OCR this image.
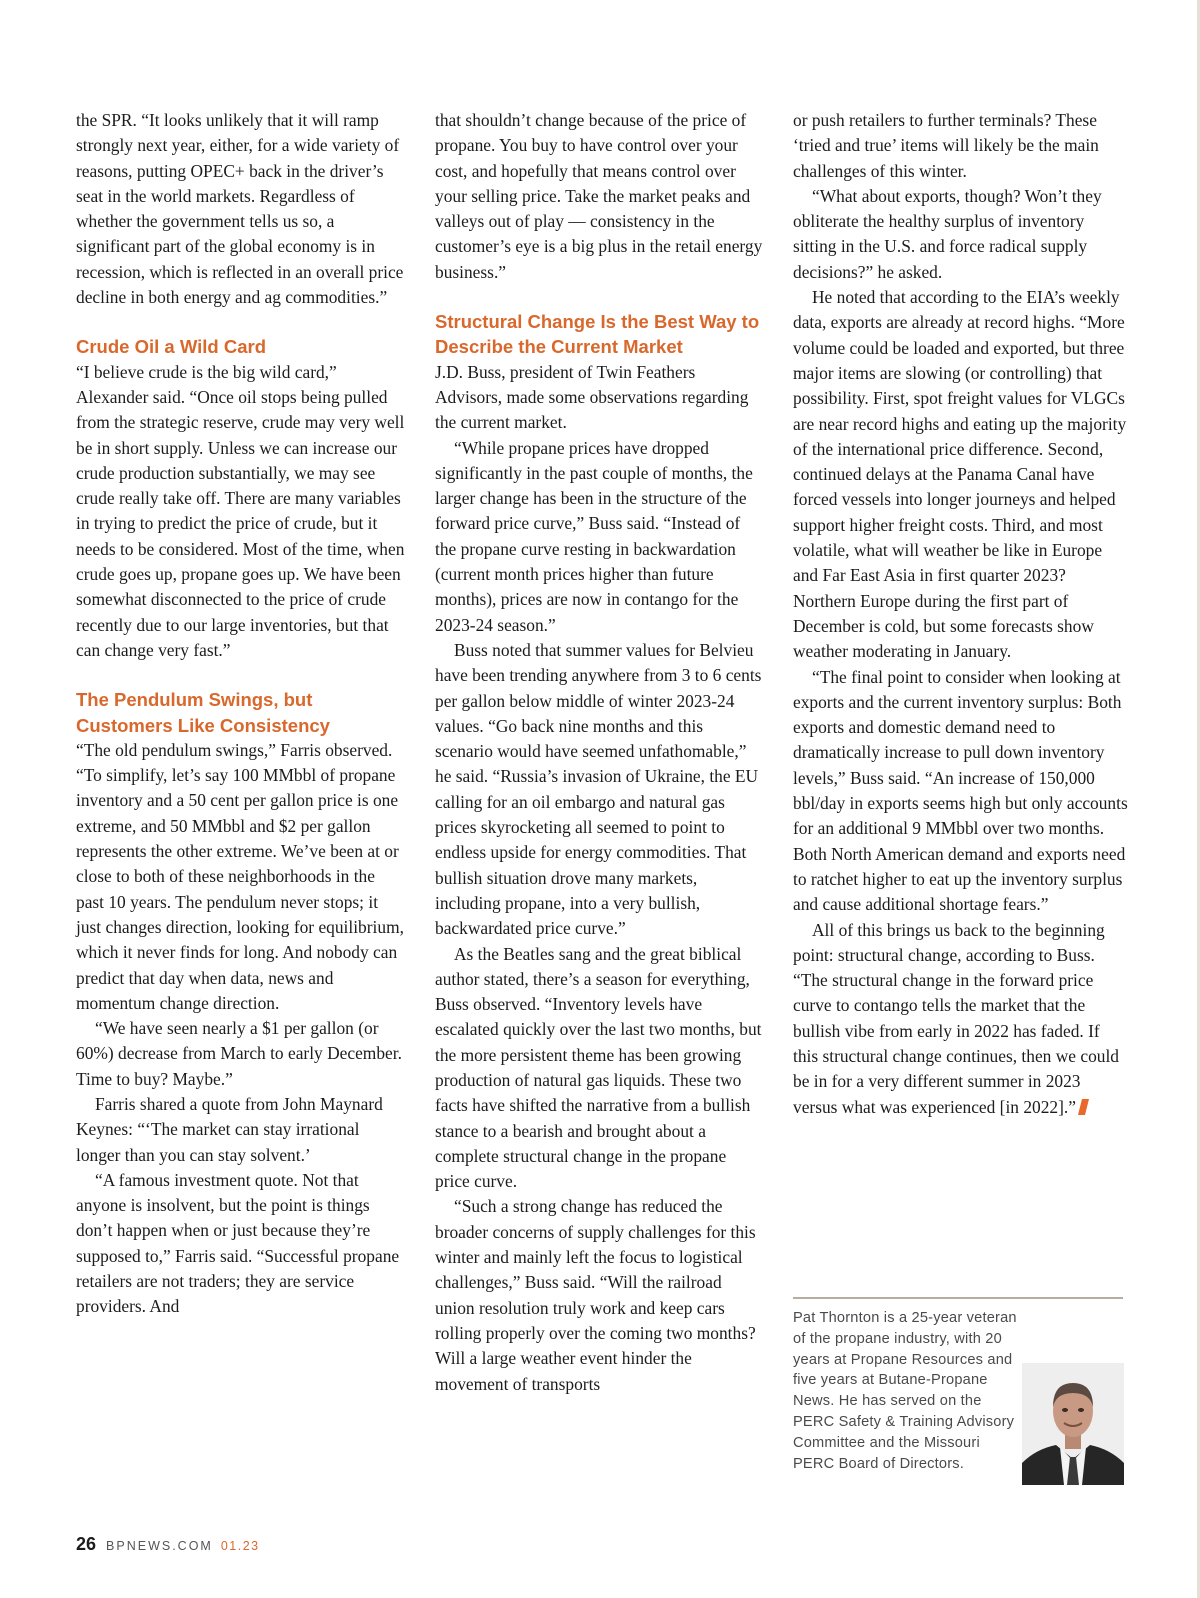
the SPR. “It looks unlikely that it will ramp strongly next year, either, for a wide variety of reasons, putting OPEC+ back in the driver’s seat in the world markets. Regardless of whether the government tells us so, a significant part of the global economy is in recession, which is reflected in an overall price decline in both energy and ag commodities.”

Crude Oil a Wild Card

“I believe crude is the big wild card,” Alexander said. “Once oil stops being pulled from the strategic reserve, crude may very well be in short supply. Unless we can increase our crude production substantially, we may see crude really take off. There are many variables in trying to predict the price of crude, but it needs to be considered. Most of the time, when crude goes up, propane goes up. We have been somewhat disconnected to the price of crude recently due to our large inventories, but that can change very fast.”

The Pendulum Swings, but Customers Like Consistency

“The old pendulum swings,” Farris observed. “To simplify, let’s say 100 MMbbl of propane inventory and a 50 cent per gallon price is one extreme, and 50 MMbbl and $2 per gallon represents the other extreme. We’ve been at or close to both of these neighborhoods in the past 10 years. The pendulum never stops; it just changes direction, looking for equilibrium, which it never finds for long. And nobody can predict that day when data, news and momentum change direction.

“We have seen nearly a $1 per gallon (or 60%) decrease from March to early December. Time to buy? Maybe.”

Farris shared a quote from John Maynard Keynes: “‘The market can stay irrational longer than you can stay solvent.’

“A famous investment quote. Not that anyone is insolvent, but the point is things don’t happen when or just because they’re supposed to,” Farris said. “Successful propane retailers are not traders; they are service providers. And

that shouldn’t change because of the price of propane. You buy to have control over your cost, and hopefully that means control over your selling price. Take the market peaks and valleys out of play — consistency in the customer’s eye is a big plus in the retail energy business.”

Structural Change Is the Best Way to Describe the Current Market

J.D. Buss, president of Twin Feathers Advisors, made some observations regarding the current market.

“While propane prices have dropped significantly in the past couple of months, the larger change has been in the structure of the forward price curve,” Buss said. “Instead of the propane curve resting in backwardation (current month prices higher than future months), prices are now in contango for the 2023-24 season.”

Buss noted that summer values for Belvieu have been trending anywhere from 3 to 6 cents per gallon below middle of winter 2023-24 values. “Go back nine months and this scenario would have seemed unfathomable,” he said. “Russia’s invasion of Ukraine, the EU calling for an oil embargo and natural gas prices skyrocketing all seemed to point to endless upside for energy commodities. That bullish situation drove many markets, including propane, into a very bullish, backwardated price curve.”

As the Beatles sang and the great biblical author stated, there’s a season for everything, Buss observed. “Inventory levels have escalated quickly over the last two months, but the more persistent theme has been growing production of natural gas liquids. These two facts have shifted the narrative from a bullish stance to a bearish and brought about a complete structural change in the propane price curve.

“Such a strong change has reduced the broader concerns of supply challenges for this winter and mainly left the focus to logistical challenges,” Buss said. “Will the railroad union resolution truly work and keep cars rolling properly over the coming two months? Will a large weather event hinder the movement of transports

or push retailers to further terminals? These ‘tried and true’ items will likely be the main challenges of this winter.

“What about exports, though? Won’t they obliterate the healthy surplus of inventory sitting in the U.S. and force radical supply decisions?” he asked.

He noted that according to the EIA’s weekly data, exports are already at record highs. “More volume could be loaded and exported, but three major items are slowing (or controlling) that possibility. First, spot freight values for VLGCs are near record highs and eating up the majority of the international price difference. Second, continued delays at the Panama Canal have forced vessels into longer journeys and helped support higher freight costs. Third, and most volatile, what will weather be like in Europe and Far East Asia in first quarter 2023? Northern Europe during the first part of December is cold, but some forecasts show weather moderating in January.

“The final point to consider when looking at exports and the current inventory surplus: Both exports and domestic demand need to dramatically increase to pull down inventory levels,” Buss said. “An increase of 150,000 bbl/day in exports seems high but only accounts for an additional 9 MMbbl over two months. Both North American demand and exports need to ratchet higher to eat up the inventory surplus and cause additional shortage fears.”

All of this brings us back to the beginning point: structural change, according to Buss. “The structural change in the forward price curve to contango tells the market that the bullish vibe from early in 2022 has faded. If this structural change continues, then we could be in for a very different summer in 2023 versus what was experienced [in 2022].”

Pat Thornton is a 25-year veteran of the propane industry, with 20 years at Propane Resources and five years at Butane-Propane News. He has served on the PERC Safety & Training Advisory Committee and the Missouri PERC Board of Directors.
26 BPNEWS.COM 01.23
